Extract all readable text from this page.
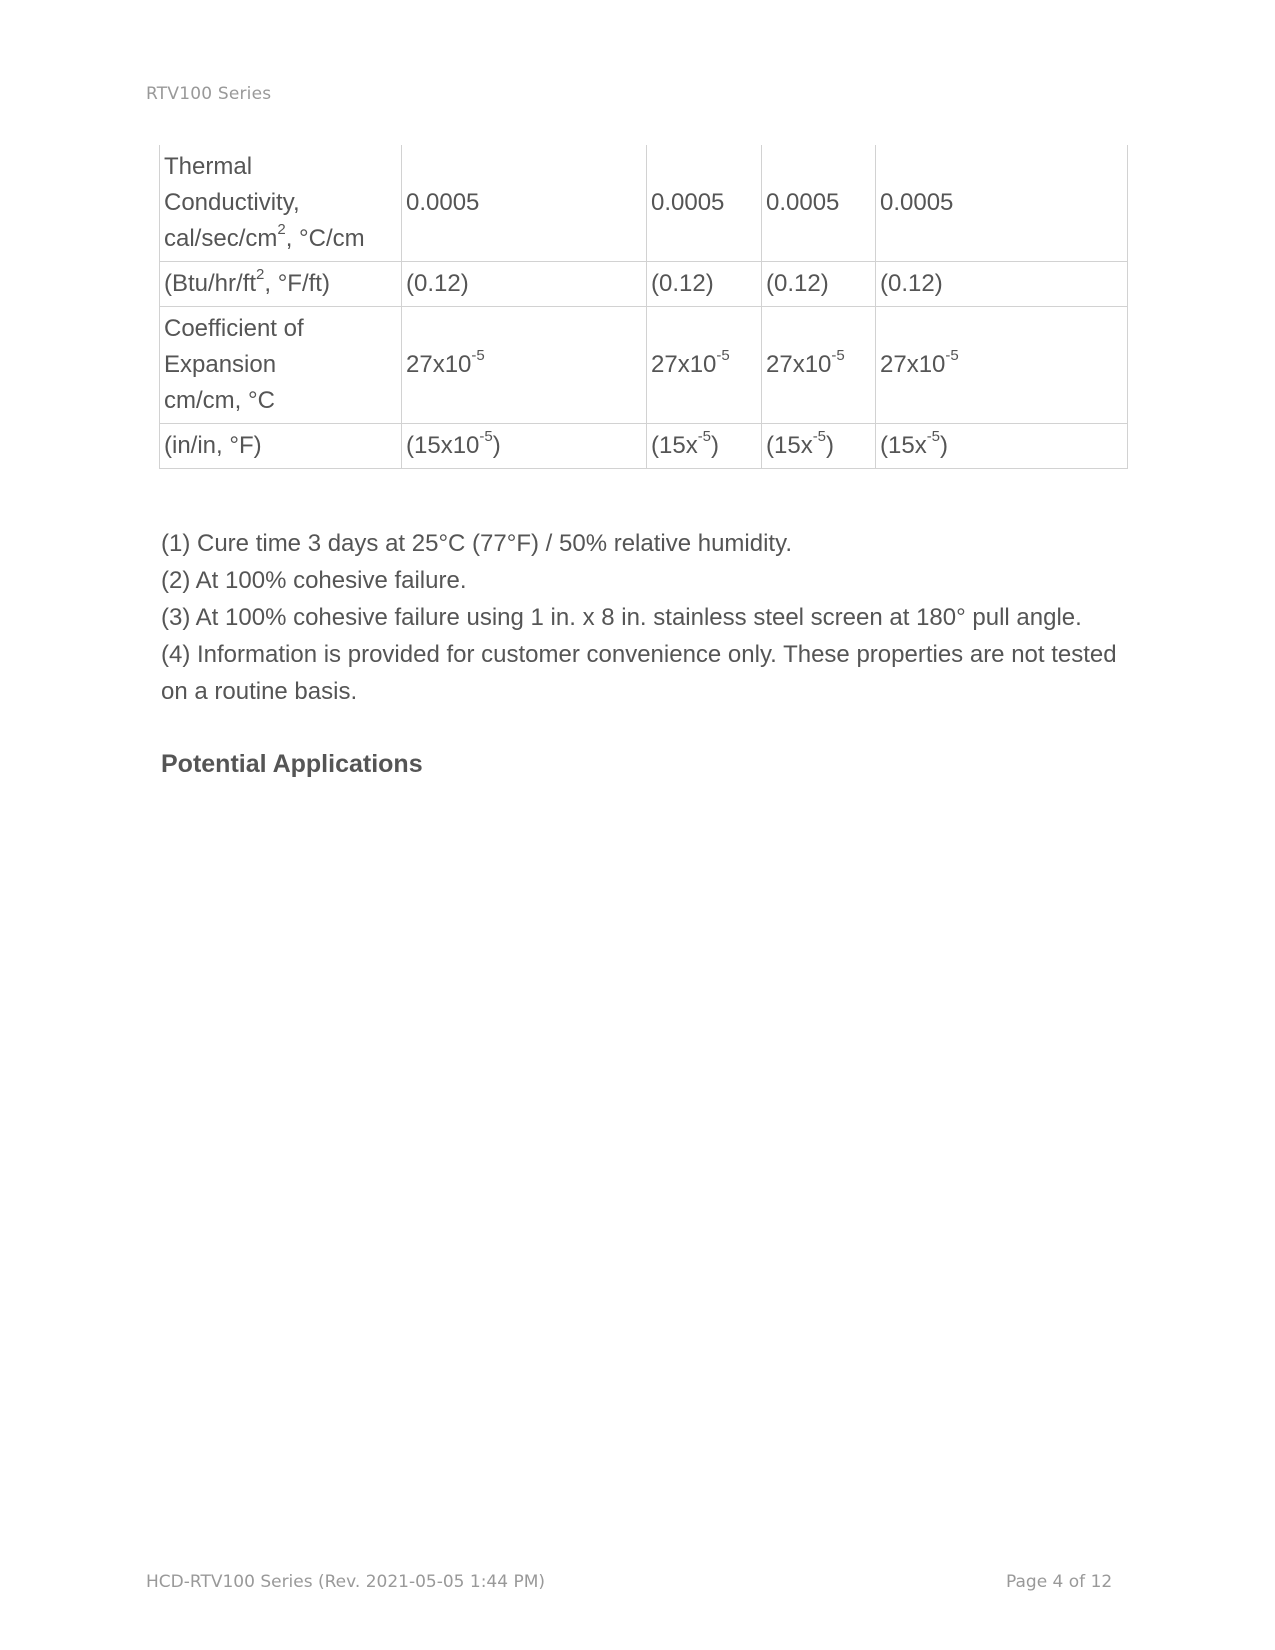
RTV100 Series
Thermal
Conductivity,
cal/$\sec/cm^2$, °C/cm	0.0005	0.0005	0.0005	0.0005
($Btu/hr/ft^2$, °F/ft)	(0.12)	(0.12)	(0.12)	(0.12)
Coefficient of
Expansion
cm/cm, °C	$27x10^{-5}$	$27x10^{-5}$	$27x10^{-5}$	$27x10^{-5}$
(in/in, °F)	$(15x10^{-5})$	$(15x^{-5})$	$(15x^{-5})$	$(15x^{-5})$

(1) Cure time 3 days at 25°C (77°F) / 50% relative humidity.

(2) At 100% cohesive failure.

(3) At 100% cohesive failure using 1 in. x 8 in. stainless steel screen at 180° pull angle.

(4) Information is provided for customer convenience only. These properties are not tested on a routine basis.

Potential Applications
HCD-RTV100 Series (Rev. 2021-05-05 1:44 PM)	Page 4 of 12
